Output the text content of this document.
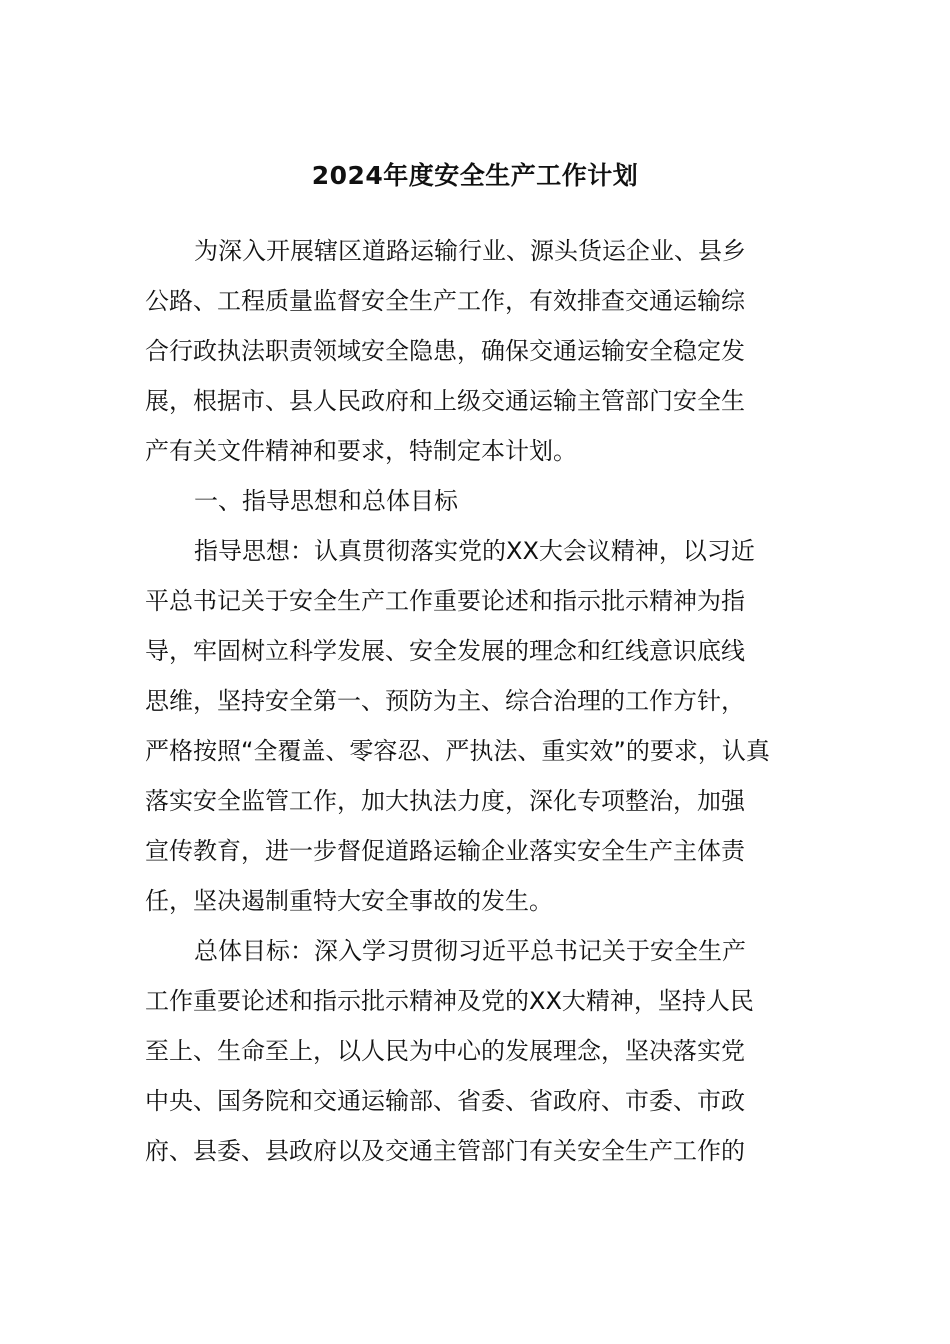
2024年度安全生产工作计划
为深入开展辖区道路运输行业、源头货运企业、县乡
公路、工程质量监督安全生产工作，有效排查交通运输综
合行政执法职责领域安全隐患，确保交通运输安全稳定发
展，根据市、县人民政府和上级交通运输主管部门安全生
产有关文件精神和要求，特制定本计划。
一、指导思想和总体目标
指导思想：认真贯彻落实党的XX大会议精神，以习近
平总书记关于安全生产工作重要论述和指示批示精神为指
导，牢固树立科学发展、安全发展的理念和红线意识底线
思维，坚持安全第一、预防为主、综合治理的工作方针，
严格按照“全覆盖、零容忍、严执法、重实效”的要求，认真
落实安全监管工作，加大执法力度，深化专项整治，加强
宣传教育，进一步督促道路运输企业落实安全生产主体责
任，坚决遏制重特大安全事故的发生。
总体目标：深入学习贯彻习近平总书记关于安全生产
工作重要论述和指示批示精神及党的XX大精神，坚持人民
至上、生命至上，以人民为中心的发展理念，坚决落实党
中央、国务院和交通运输部、省委、省政府、市委、市政
府、县委、县政府以及交通主管部门有关安全生产工作的
